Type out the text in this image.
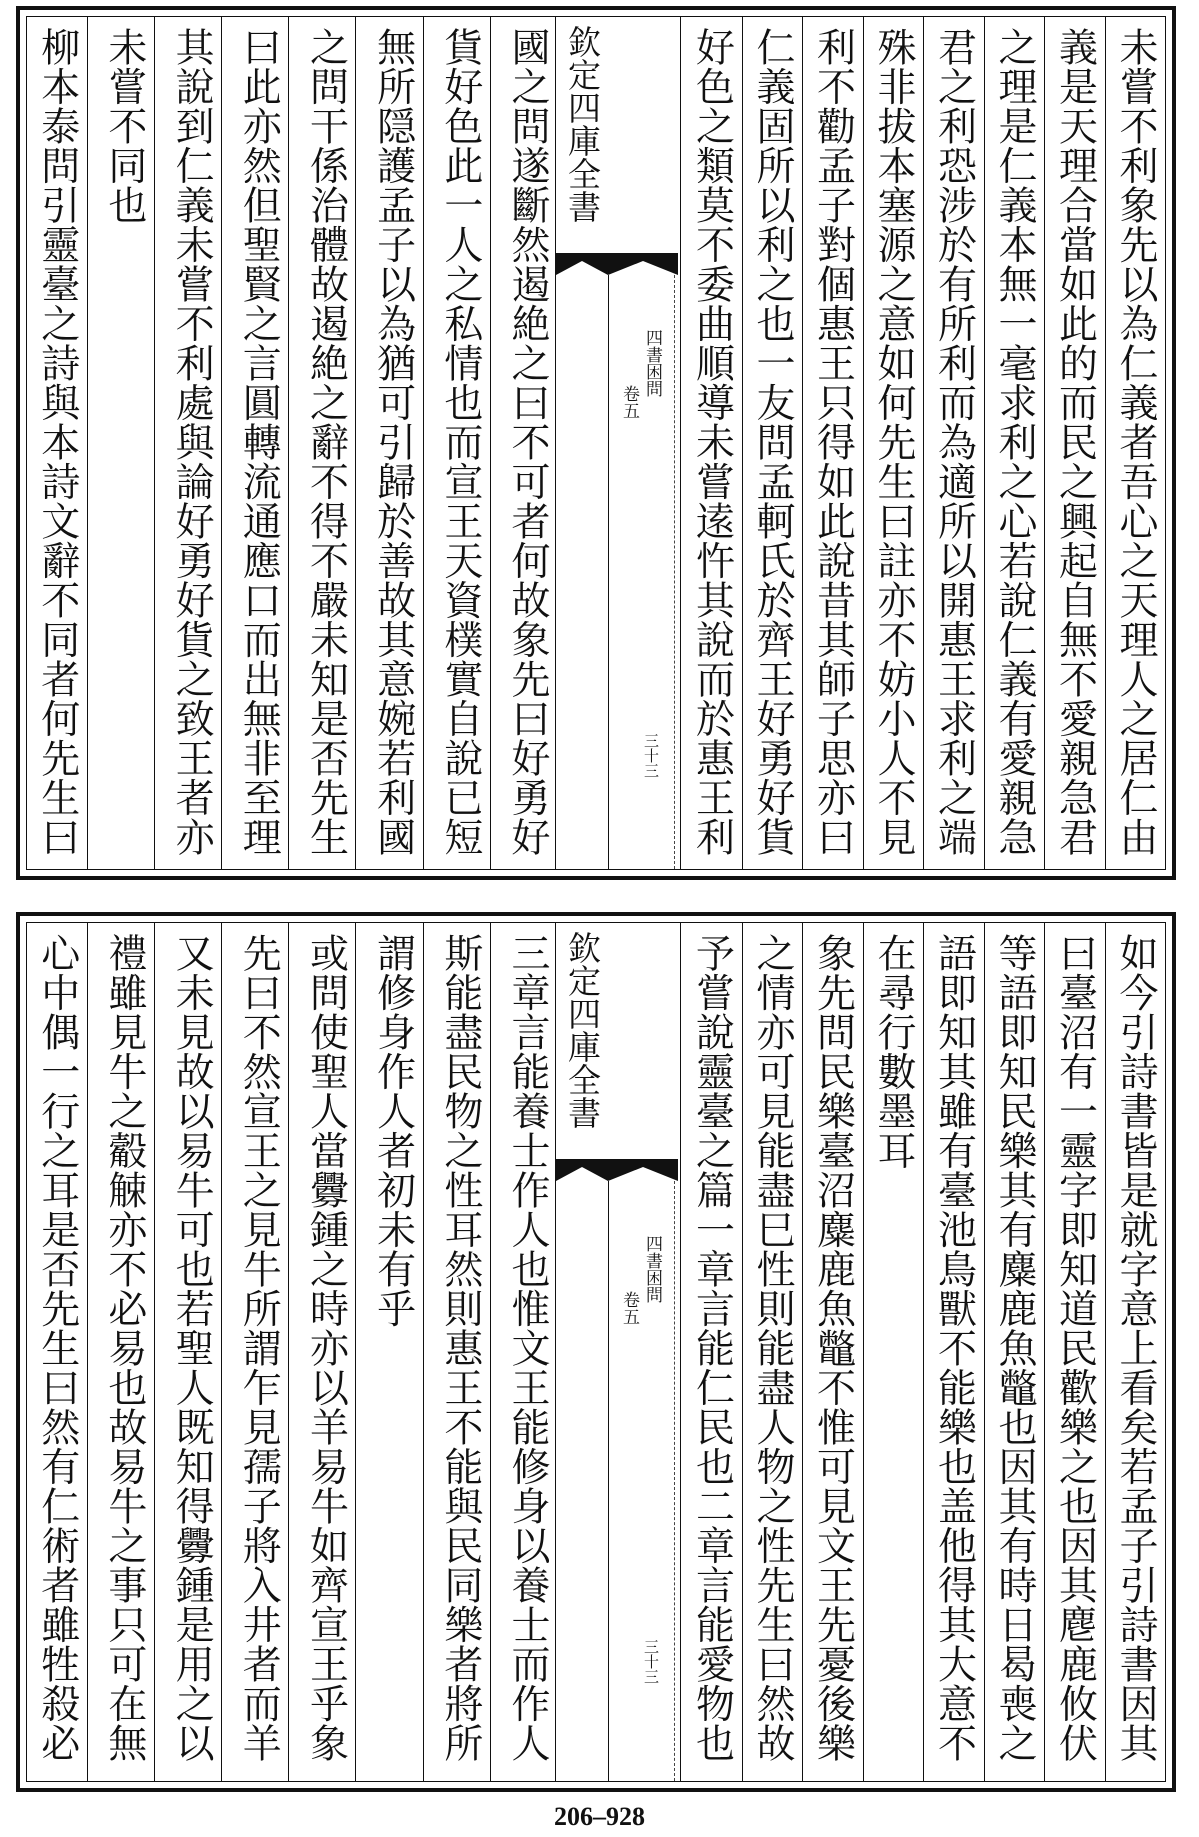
未嘗不利象先以為仁義者吾心之天理人之居仁由
義是天理合當如此的而民之興起自無不愛親急君
之理是仁義本無一毫求利之心若說仁義有愛親急
君之利恐涉於有所利而為適所以開惠王求利之端
殊非拔本塞源之意如何先生曰註亦不妨小人不見
利不勸孟子對個惠王只得如此說昔其師子思亦曰
仁義固所以利之也一友問孟軻氏於齊王好勇好貨
好色之類莫不委曲順導未嘗逺忤其說而於惠王利
欽定四庫全書
四書困問
卷五
三十三
國之問遂斷然遏絶之曰不可者何故象先曰好勇好
貨好色此一人之私情也而宣王天資樸實自說已短
無所隠護孟子以為猶可引歸於善故其意婉若利國
之問干係治體故遏絶之辭不得不嚴未知是否先生
曰此亦然但聖賢之言圓轉流通應口而出無非至理
其說到仁義未嘗不利處與論好勇好貨之致王者亦
未嘗不同也
柳本泰問引靈臺之詩與本詩文辭不同者何先生曰
如今引詩書皆是就字意上看矣若孟子引詩書因其
曰臺沼有一靈字即知道民歡樂之也因其麀鹿攸伏
等語即知民樂其有麋鹿魚鼈也因其有時日曷喪之
語即知其雖有臺池鳥獸不能樂也盖他得其大意不
在尋行數墨耳
象先問民樂臺沼麋鹿魚鼈不惟可見文王先憂後樂
之情亦可見能盡巳性則能盡人物之性先生曰然故
予嘗說靈臺之篇一章言能仁民也二章言能愛物也
欽定四庫全書
四書困問
卷五
三十三
三章言能養士作人也惟文王能修身以養士而作人
斯能盡民物之性耳然則惠王不能與民同樂者將所
謂修身作人者初未有乎
或問使聖人當釁鍾之時亦以羊易牛如齊宣王乎象
先曰不然宣王之見牛所謂乍見孺子將入井者而羊
又未見故以易牛可也若聖人既知得釁鍾是用之以
禮雖見牛之觳觫亦不必易也故易牛之事只可在無
心中偶一行之耳是否先生曰然有仁術者雖牲殺必
206–928
